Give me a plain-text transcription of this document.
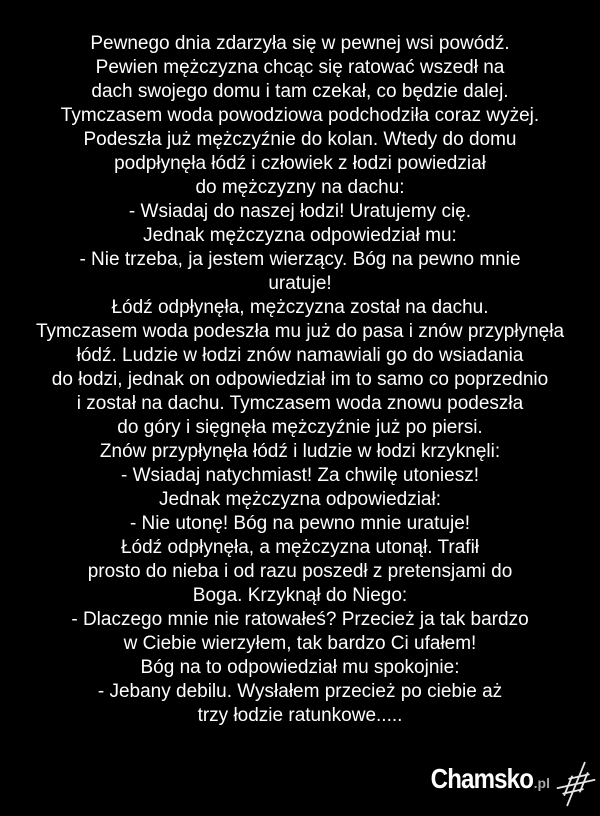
Pewnego dnia zdarzyła się w pewnej wsi powódź.
Pewien mężczyzna chcąc się ratować wszedł na
dach swojego domu i tam czekał, co będzie dalej.
Tymczasem woda powodziowa podchodziła coraz wyżej.
Podeszła już mężczyźnie do kolan. Wtedy do domu
podpłynęła łódź i człowiek z łodzi powiedział
do mężczyzny na dachu:
- Wsiadaj do naszej łodzi! Uratujemy cię.
Jednak mężczyzna odpowiedział mu:
- Nie trzeba, ja jestem wierzący. Bóg na pewno mnie
uratuje!
Łódź odpłynęła, mężczyzna został na dachu.
Tymczasem woda podeszła mu już do pasa i znów przypłynęła
łódź. Ludzie w łodzi znów namawiali go do wsiadania
do łodzi, jednak on odpowiedział im to samo co poprzednio
i został na dachu. Tymczasem woda znowu podeszła
do góry i sięgnęła mężczyźnie już po piersi.
Znów przypłynęła łódź i ludzie w łodzi krzyknęli:
- Wsiadaj natychmiast! Za chwilę utoniesz!
Jednak mężczyzna odpowiedział:
- Nie utonę! Bóg na pewno mnie uratuje!
Łódź odpłynęła, a mężczyzna utonął. Trafił
prosto do nieba i od razu poszedł z pretensjami do
Boga. Krzyknął do Niego:
- Dlaczego mnie nie ratowałeś? Przecież ja tak bardzo
w Ciebie wierzyłem, tak bardzo Ci ufałem!
Bóg na to odpowiedział mu spokojnie:
- Jebany debilu. Wysłałem przecież po ciebie aż
trzy łodzie ratunkowe.....
Chamsko .pl
